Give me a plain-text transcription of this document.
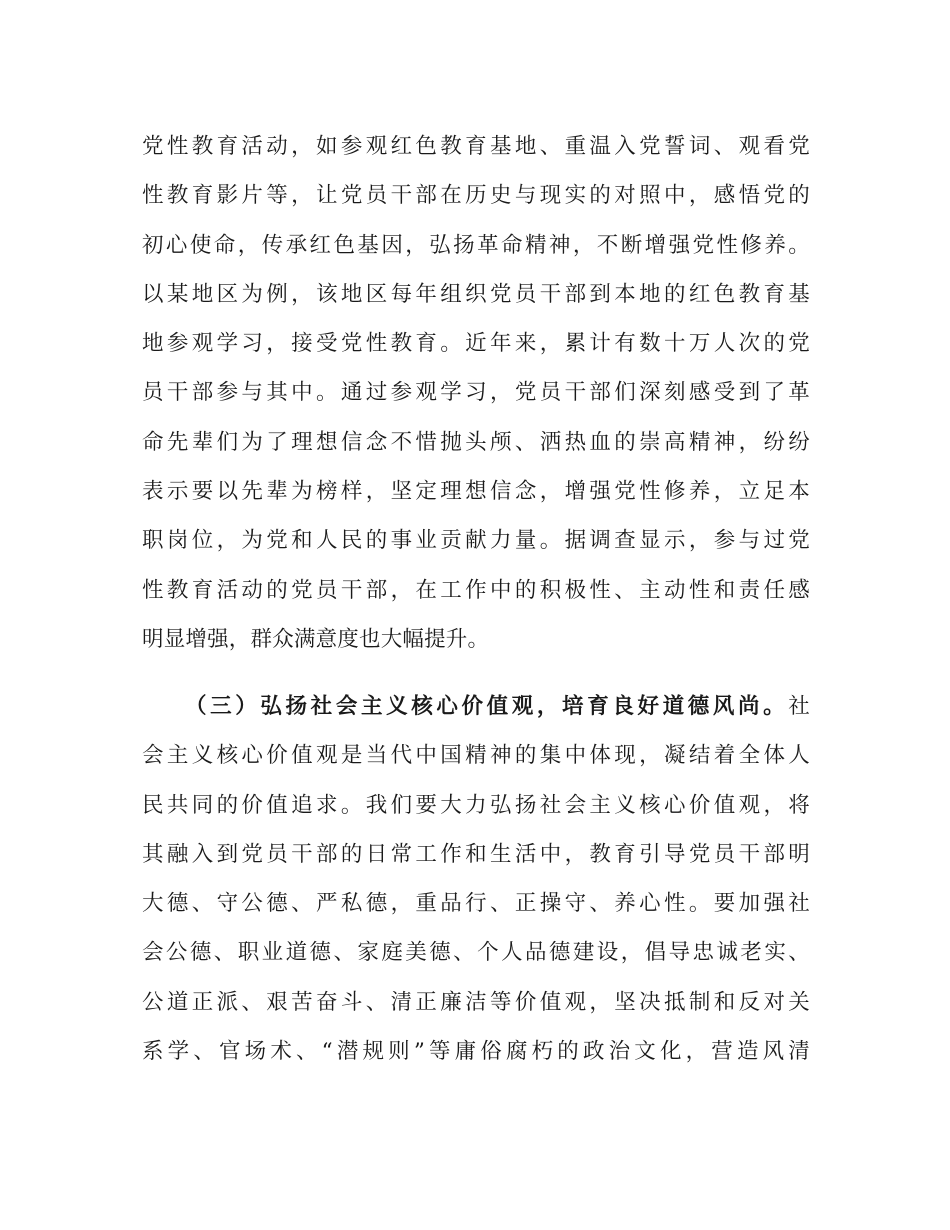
党性教育活动，如参观红色教育基地、重温入党誓词、观看党
性教育影片等，让党员干部在历史与现实的对照中，感悟党的
初心使命，传承红色基因，弘扬革命精神，不断增强党性修养。
以某地区为例，该地区每年组织党员干部到本地的红色教育基
地参观学习，接受党性教育。近年来，累计有数十万人次的党
员干部参与其中。通过参观学习，党员干部们深刻感受到了革
命先辈们为了理想信念不惜抛头颅、洒热血的崇高精神，纷纷
表示要以先辈为榜样，坚定理想信念，增强党性修养，立足本
职岗位，为党和人民的事业贡献力量。据调查显示，参与过党
性教育活动的党员干部，在工作中的积极性、主动性和责任感
明显增强，群众满意度也大幅提升。
（三）弘扬社会主义核心价值观，培育良好道德风尚。社
会主义核心价值观是当代中国精神的集中体现，凝结着全体人
民共同的价值追求。我们要大力弘扬社会主义核心价值观，将
其融入到党员干部的日常工作和生活中，教育引导党员干部明
大德、守公德、严私德，重品行、正操守、养心性。要加强社
会公德、职业道德、家庭美德、个人品德建设，倡导忠诚老实、
公道正派、艰苦奋斗、清正廉洁等价值观，坚决抵制和反对关
系学、官场术、“潜规则”等庸俗腐朽的政治文化，营造风清
